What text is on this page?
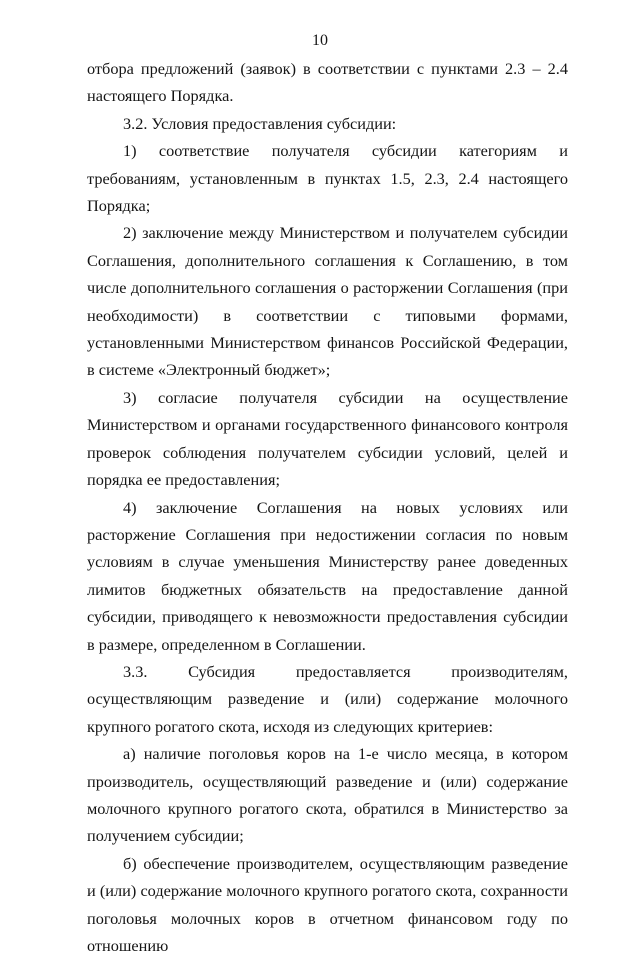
10

отбора предложений (заявок) в соответствии с пунктами 2.3 – 2.4 настоящего Порядка.

3.2. Условия предоставления субсидии:

1) соответствие получателя субсидии категориям и требованиям, установленным в пунктах 1.5, 2.3, 2.4 настоящего Порядка;

2) заключение между Министерством и получателем субсидии Соглашения, дополнительного соглашения к Соглашению, в том числе дополнительного соглашения о расторжении Соглашения (при необходимости) в соответствии с типовыми формами, установленными Министерством финансов Российской Федерации, в системе «Электронный бюджет»;

3) согласие получателя субсидии на осуществление Министерством и органами государственного финансового контроля проверок соблюдения получателем субсидии условий, целей и порядка ее предоставления;

4) заключение Соглашения на новых условиях или расторжение Соглашения при недостижении согласия по новым условиям в случае уменьшения Министерству ранее доведенных лимитов бюджетных обязательств на предоставление данной субсидии, приводящего к невозможности предоставления субсидии в размере, определенном в Соглашении.

3.3. Субсидия предоставляется производителям, осуществляющим разведение и (или) содержание молочного крупного рогатого скота, исходя из следующих критериев:

а) наличие поголовья коров на 1-е число месяца, в котором производитель, осуществляющий разведение и (или) содержание молочного крупного рогатого скота, обратился в Министерство за получением субсидии;

б) обеспечение производителем, осуществляющим разведение и (или) содержание молочного крупного рогатого скота, сохранности поголовья молочных коров в отчетном финансовом году по отношению
